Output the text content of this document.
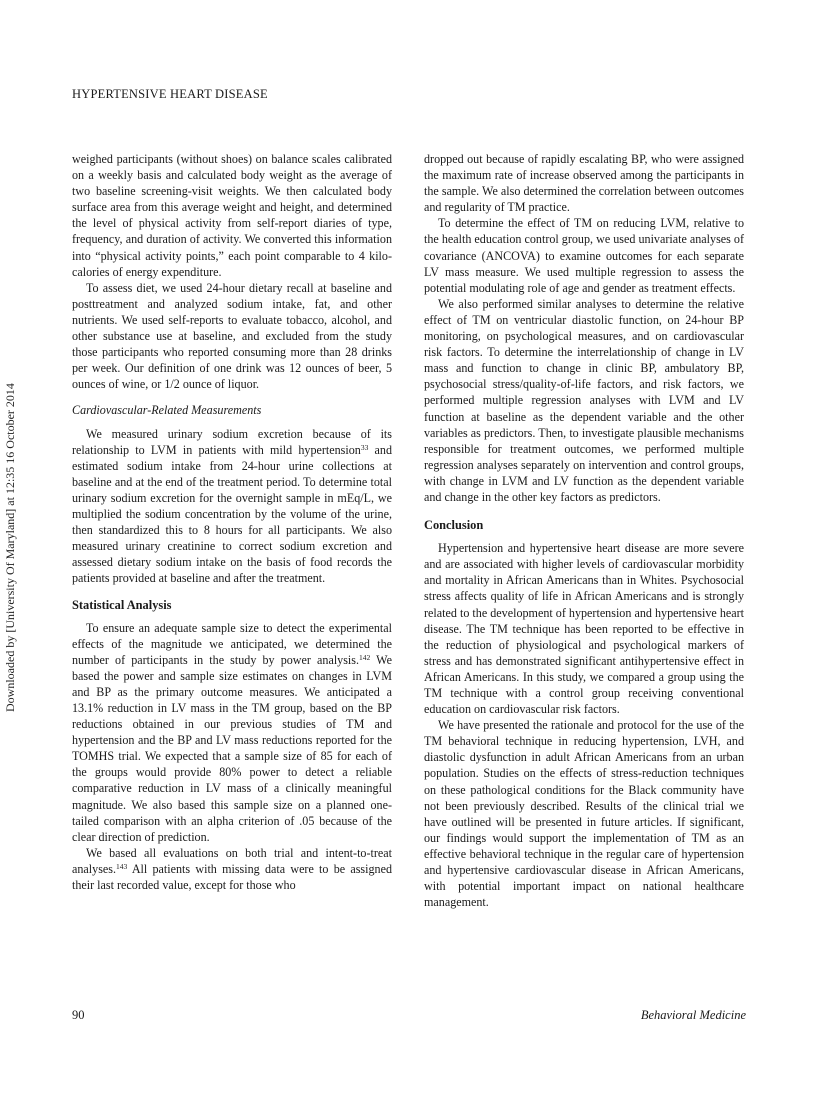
HYPERTENSIVE HEART DISEASE
Downloaded by [University Of Maryland] at 12:35 16 October 2014

weighed participants (without shoes) on balance scales calibrated on a weekly basis and calculated body weight as the average of two baseline screening-visit weights. We then calculated body surface area from this average weight and height, and determined the level of physical activity from self-report diaries of type, frequency, and duration of activity. We converted this information into “physical activity points,” each point comparable to 4 kilo-calories of energy expenditure.

To assess diet, we used 24-hour dietary recall at baseline and posttreatment and analyzed sodium intake, fat, and other nutrients. We used self-reports to evaluate tobacco, alcohol, and other substance use at baseline, and excluded from the study those participants who reported consuming more than 28 drinks per week. Our definition of one drink was 12 ounces of beer, 5 ounces of wine, or 1/2 ounce of liquor.

Cardiovascular-Related Measurements

We measured urinary sodium excretion because of its relationship to LVM in patients with mild hypertension$^{33}$ and estimated sodium intake from 24-hour urine collections at baseline and at the end of the treatment period. To determine total urinary sodium excretion for the overnight sample in mEq/L, we multiplied the sodium concentration by the volume of the urine, then standardized this to 8 hours for all participants. We also measured urinary creatinine to correct sodium excretion and assessed dietary sodium intake on the basis of food records the patients provided at baseline and after the treatment.

Statistical Analysis

To ensure an adequate sample size to detect the experimental effects of the magnitude we anticipated, we determined the number of participants in the study by power analysis.$^{142}$ We based the power and sample size estimates on changes in LVM and BP as the primary outcome measures. We anticipated a 13.1% reduction in LV mass in the TM group, based on the BP reductions obtained in our previous studies of TM and hypertension and the BP and LV mass reductions reported for the TOMHS trial. We expected that a sample size of 85 for each of the groups would provide 80% power to detect a reliable comparative reduction in LV mass of a clinically meaningful magnitude. We also based this sample size on a planned one-tailed comparison with an alpha criterion of .05 because of the clear direction of prediction.

We based all evaluations on both trial and intent-to-treat analyses.$^{143}$ All patients with missing data were to be assigned their last recorded value, except for those who

dropped out because of rapidly escalating BP, who were assigned the maximum rate of increase observed among the participants in the sample. We also determined the correlation between outcomes and regularity of TM practice.

To determine the effect of TM on reducing LVM, relative to the health education control group, we used univariate analyses of covariance (ANCOVA) to examine outcomes for each separate LV mass measure. We used multiple regression to assess the potential modulating role of age and gender as treatment effects.

We also performed similar analyses to determine the relative effect of TM on ventricular diastolic function, on 24-hour BP monitoring, on psychological measures, and on cardiovascular risk factors. To determine the interrelationship of change in LV mass and function to change in clinic BP, ambulatory BP, psychosocial stress/quality-of-life factors, and risk factors, we performed multiple regression analyses with LVM and LV function at baseline as the dependent variable and the other variables as predictors. Then, to investigate plausible mechanisms responsible for treatment outcomes, we performed multiple regression analyses separately on intervention and control groups, with change in LVM and LV function as the dependent variable and change in the other key factors as predictors.

Conclusion

Hypertension and hypertensive heart disease are more severe and are associated with higher levels of cardiovascular morbidity and mortality in African Americans than in Whites. Psychosocial stress affects quality of life in African Americans and is strongly related to the development of hypertension and hypertensive heart disease. The TM technique has been reported to be effective in the reduction of physiological and psychological markers of stress and has demonstrated significant antihypertensive effect in African Americans. In this study, we compared a group using the TM technique with a control group receiving conventional education on cardiovascular risk factors.

We have presented the rationale and protocol for the use of the TM behavioral technique in reducing hypertension, LVH, and diastolic dysfunction in adult African Americans from an urban population. Studies on the effects of stress-reduction techniques on these pathological conditions for the Black community have not been previously described. Results of the clinical trial we have outlined will be presented in future articles. If significant, our findings would support the implementation of TM as an effective behavioral technique in the regular care of hypertension and hypertensive cardiovascular disease in African Americans, with potential important impact on national healthcare management.

90	Behavioral Medicine
